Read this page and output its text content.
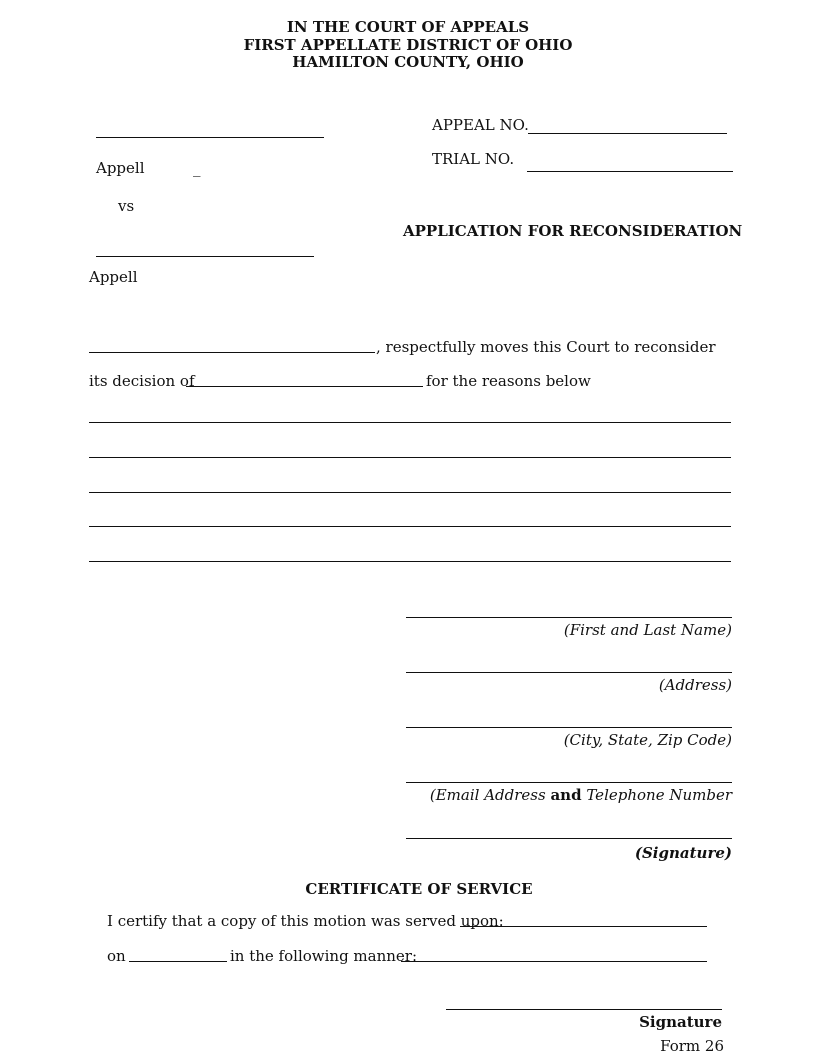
IN THE COURT OF APPEALS
FIRST APPELLATE DISTRICT OF OHIO
HAMILTON COUNTY, OHIO
Appell	_
vs
Appell
APPEAL NO.
TRIAL NO.
APPLICATION FOR RECONSIDERATION
, respectfully moves this Court to reconsider
its decision of	for the reasons below
(First and Last Name)
(Address)
(City, State, Zip Code)
(Email Address and Telephone Number
(Signature)
CERTIFICATE OF SERVICE
I certify that a copy of this motion was served upon:
on	in the following manner:
Signature
Form 26
